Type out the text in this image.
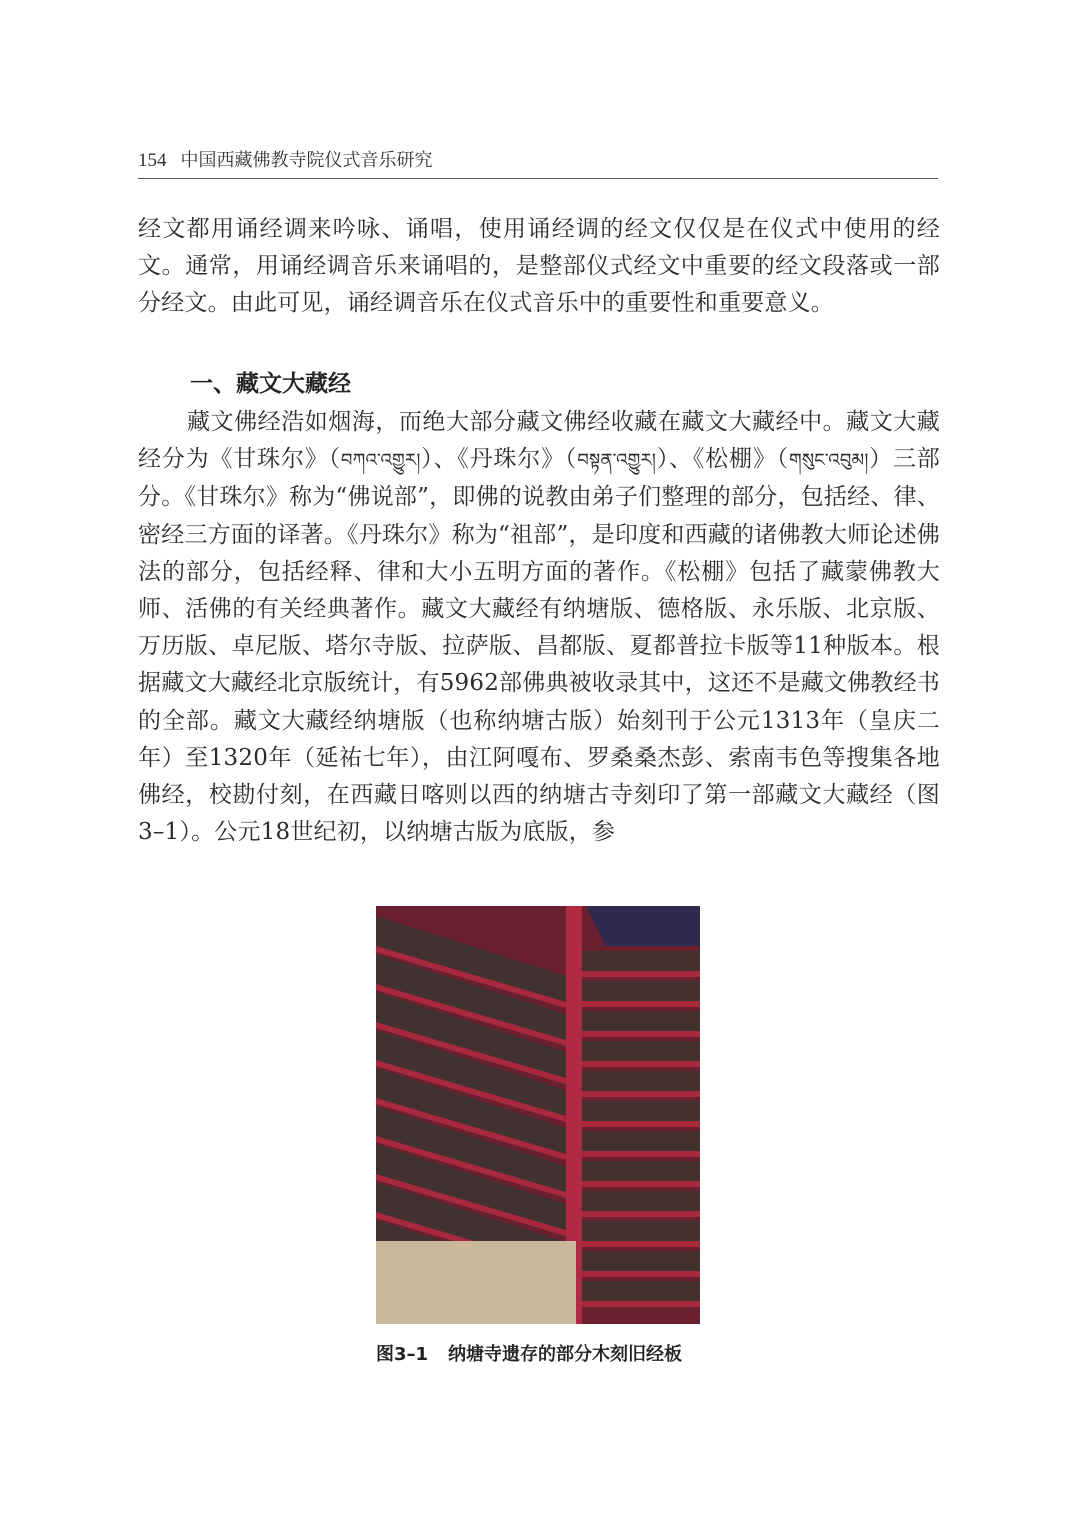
154 中国西藏佛教寺院仪式音乐研究
经文都用诵经调来吟咏、诵唱，使用诵经调的经文仅仅是在仪式中使用的经文。通常，用诵经调音乐来诵唱的，是整部仪式经文中重要的经文段落或一部分经文。由此可见，诵经调音乐在仪式音乐中的重要性和重要意义。
一、藏文大藏经
藏文佛经浩如烟海，而绝大部分藏文佛经收藏在藏文大藏经中。藏文大藏经分为《甘珠尔》（བཀའ་འགྱུར།）、《丹珠尔》（བསྟན་འགྱུར།）、《松棚》（གསུང་འབུམ།）三部分。《甘珠尔》称为“佛说部”，即佛的说教由弟子们整理的部分，包括经、律、密经三方面的译著。《丹珠尔》称为“祖部”，是印度和西藏的诸佛教大师论述佛法的部分，包括经释、律和大小五明方面的著作。《松棚》包括了藏蒙佛教大师、活佛的有关经典著作。藏文大藏经有纳塘版、德格版、永乐版、北京版、万历版、卓尼版、塔尔寺版、拉萨版、昌都版、夏都普拉卡版等11种版本。根据藏文大藏经北京版统计，有5962部佛典被收录其中，这还不是藏文佛教经书的全部。藏文大藏经纳塘版（也称纳塘古版）始刻刊于公元1313年（皇庆二年）至1320年（延祐七年），由江阿嘎布、罗桑桑杰彭、索南韦色等搜集各地佛经，校勘付刻，在西藏日喀则以西的纳塘古寺刻印了第一部藏文大藏经（图3–1）。公元18世纪初，以纳塘古版为底版，参
图3–1 纳塘寺遗存的部分木刻旧经板
